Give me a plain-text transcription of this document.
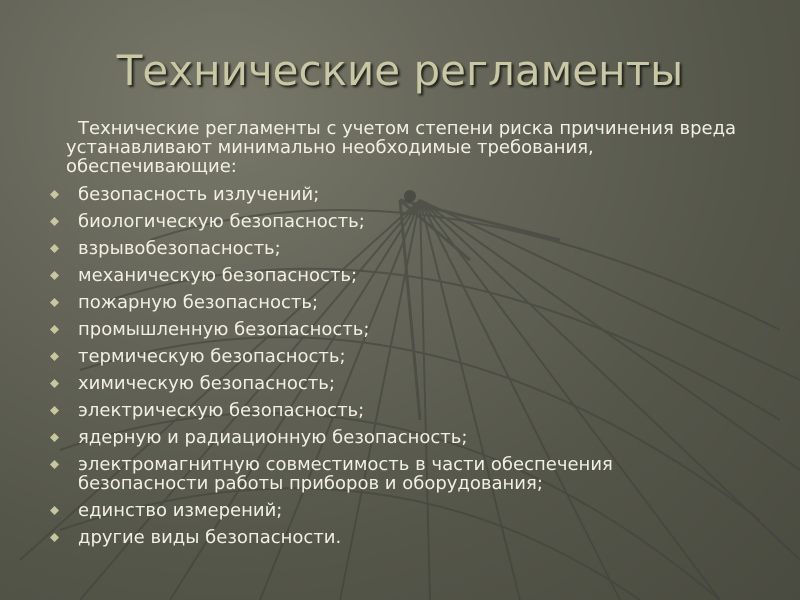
Технические регламенты

Технические регламенты с учетом степени риска причинения вреда устанавливают минимально необходимые требования, обеспечивающие:

безопасность излучений;
биологическую безопасность;
взрывобезопасность;
механическую безопасность;
пожарную безопасность;
промышленную безопасность;
термическую безопасность;
химическую безопасность;
электрическую безопасность;
ядерную и радиационную безопасность;
электромагнитную совместимость в части обеспечения безопасности работы приборов и оборудования;
единство измерений;
другие виды безопасности.
